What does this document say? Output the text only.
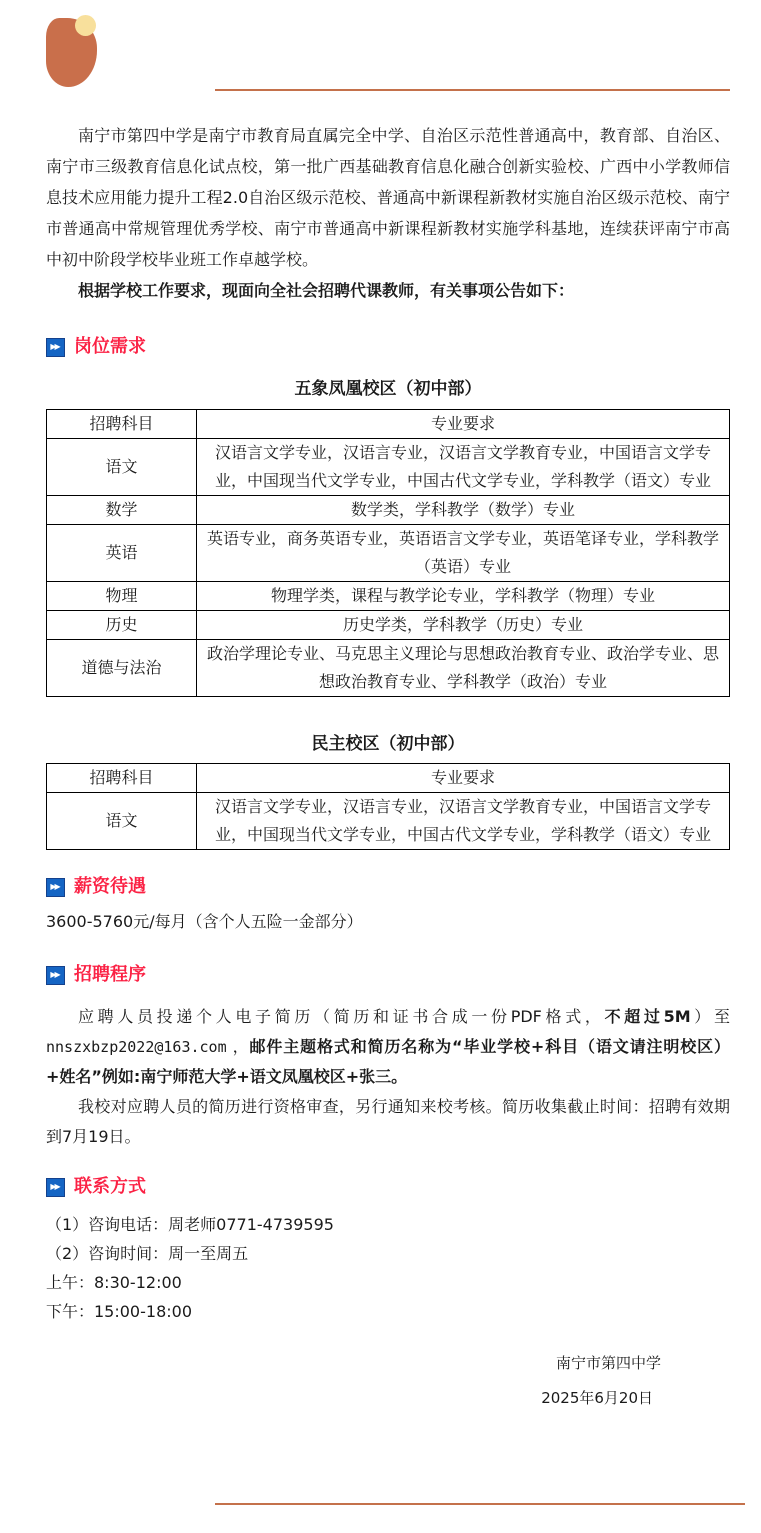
南宁市第四中学是南宁市教育局直属完全中学、自治区示范性普通高中，教育部、自治区、南宁市三级教育信息化试点校，第一批广西基础教育信息化融合创新实验校、广西中小学教师信息技术应用能力提升工程2.0自治区级示范校、普通高中新课程新教材实施自治区级示范校、南宁市普通高中常规管理优秀学校、南宁市普通高中新课程新教材实施学科基地，连续获评南宁市高中初中阶段学校毕业班工作卓越学校。

根据学校工作要求，现面向全社会招聘代课教师，有关事项公告如下：

▶▶ 岗位需求
五象凤凰校区（初中部）
招聘科目	专业要求
语文	汉语言文学专业，汉语言专业，汉语言文学教育专业，中国语言文学专业，中国现当代文学专业，中国古代文学专业，学科教学（语文）专业
数学	数学类，学科教学（数学）专业
英语	英语专业，商务英语专业，英语语言文学专业，英语笔译专业，学科教学（英语）专业
物理	物理学类，课程与教学论专业，学科教学（物理）专业
历史	历史学类，学科教学（历史）专业
道德与法治	政治学理论专业、马克思主义理论与思想政治教育专业、政治学专业、思想政治教育专业、学科教学（政治）专业
民主校区（初中部）
招聘科目	专业要求
语文	汉语言文学专业，汉语言专业，汉语言文学教育专业，中国语言文学专业，中国现当代文学专业，中国古代文学专业，学科教学（语文）专业
▶▶ 薪资待遇

3600-5760元/每月（含个人五险一金部分）

▶▶ 招聘程序

应聘人员投递个人电子简历（简历和证书合成一份PDF格式，不超过5M）至nnszxbzp2022@163.com ，邮件主题格式和简历名称为“毕业学校+科目（语文请注明校区）+姓名”例如:南宁师范大学+语文凤凰校区+张三。

我校对应聘人员的简历进行资格审查，另行通知来校考核。简历收集截止时间：招聘有效期到7月19日。

▶▶ 联系方式
（1）咨询电话：周老师0771-4739595
（2）咨询时间：周一至周五
上午：8:30-12:00
下午：15:00-18:00
南宁市第四中学
2025年6月20日
